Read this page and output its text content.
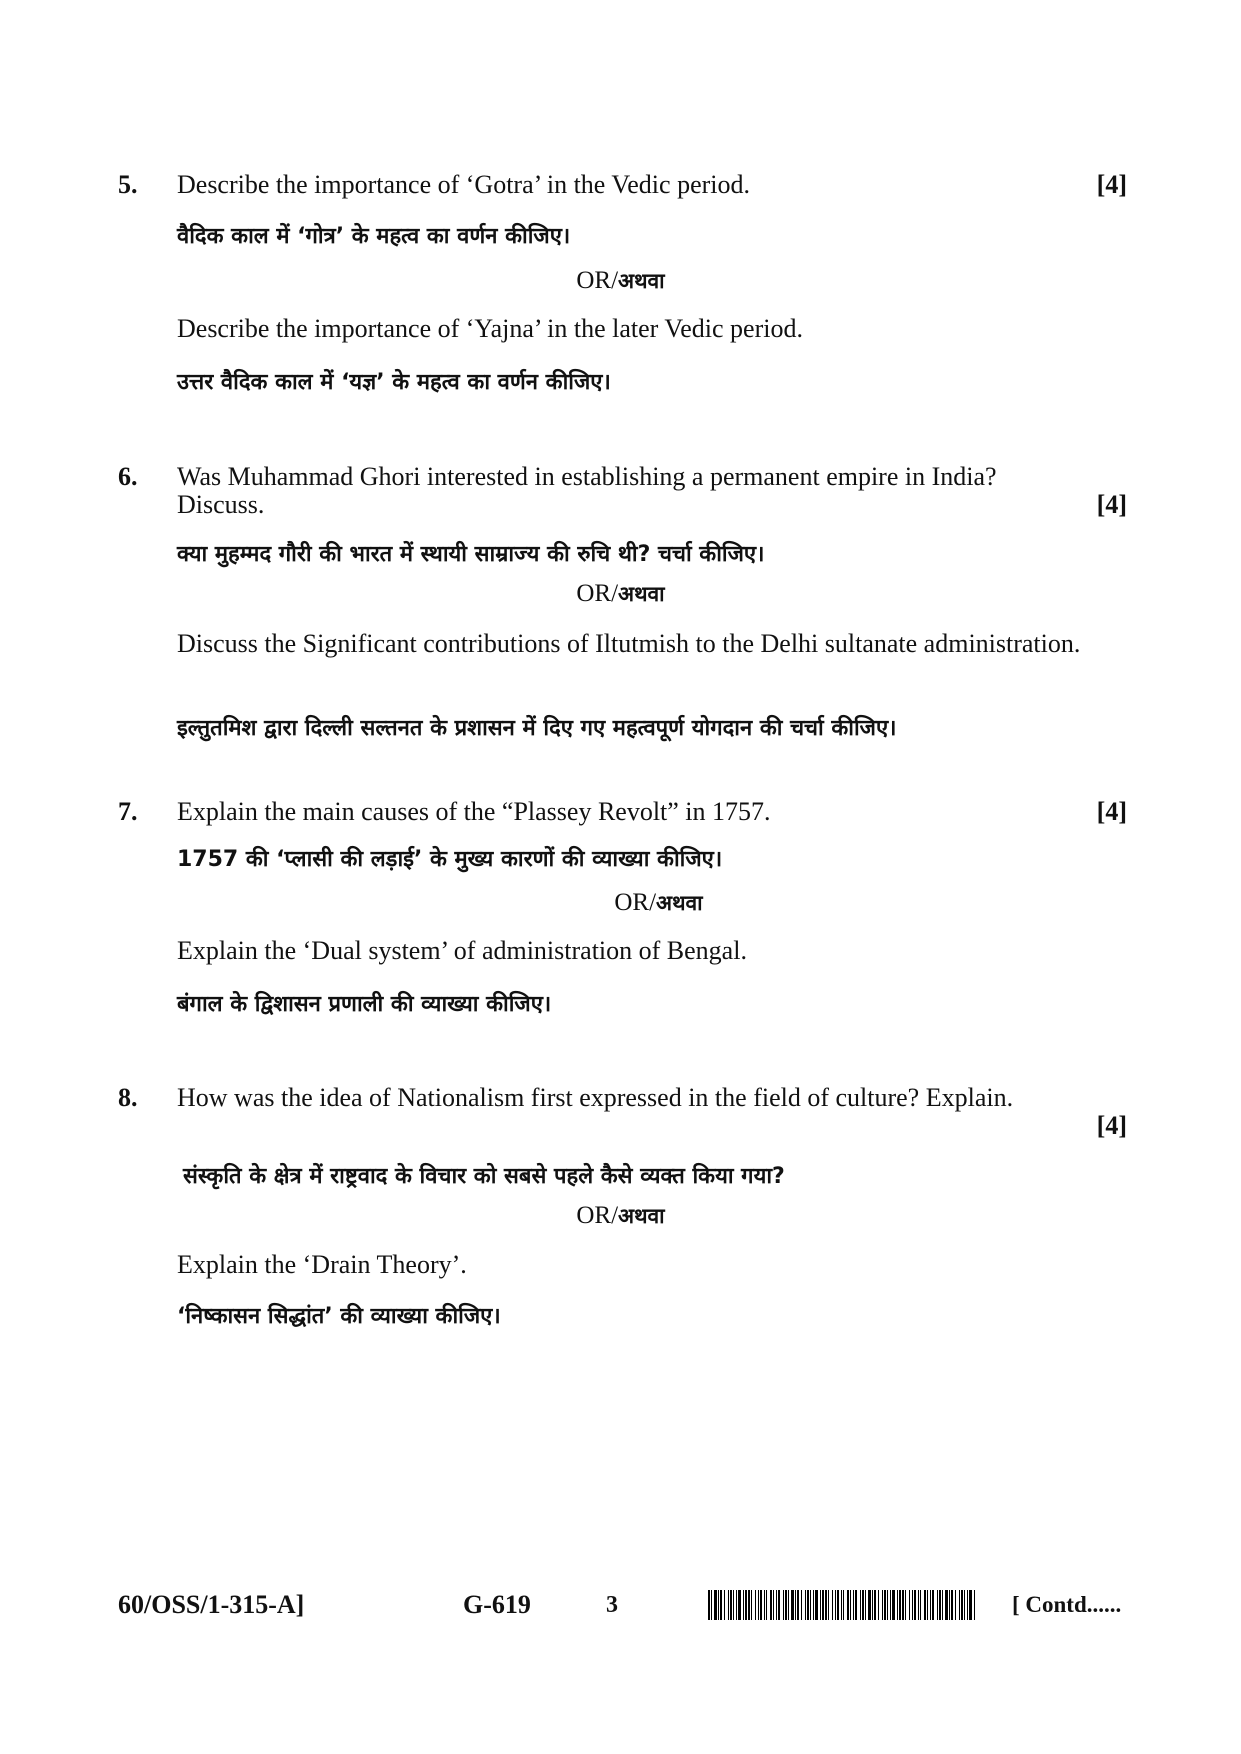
5. Describe the importance of ‘Gotra’ in the Vedic period.	[4]
वैदिक काल में ‘गोत्र’ के महत्व का वर्णन कीजिए।
OR/अथवा
Describe the importance of ‘Yajna’ in the later Vedic period.
उत्तर वैदिक काल में ‘यज्ञ’ के महत्व का वर्णन कीजिए।
6. Was Muhammad Ghori interested in establishing a permanent empire in India?
Discuss.	[4]
क्या मुहम्मद गौरी की भारत में स्थायी साम्राज्य की रुचि थी? चर्चा कीजिए।
OR/अथवा
Discuss the Significant contributions of Iltutmish to the Delhi sultanate administration.
इल्तुतमिश द्वारा दिल्ली सल्तनत के प्रशासन में दिए गए महत्वपूर्ण योगदान की चर्चा कीजिए।
7. Explain the main causes of the “Plassey Revolt” in 1757.	[4]
1757 की ‘प्लासी की लड़ाई’ के मुख्य कारणों की व्याख्या कीजिए।
OR/अथवा
Explain the ‘Dual system’ of administration of Bengal.
बंगाल के द्विशासन प्रणाली की व्याख्या कीजिए।
8. How was the idea of Nationalism first expressed in the field of culture? Explain.
[4]
संस्कृति के क्षेत्र में राष्ट्रवाद के विचार को सबसे पहले कैसे व्यक्त किया गया?
OR/अथवा
Explain the ‘Drain Theory’.
‘निष्कासन सिद्धांत’ की व्याख्या कीजिए।
60/OSS/1-315-A]	G-619	3	[ Contd......
